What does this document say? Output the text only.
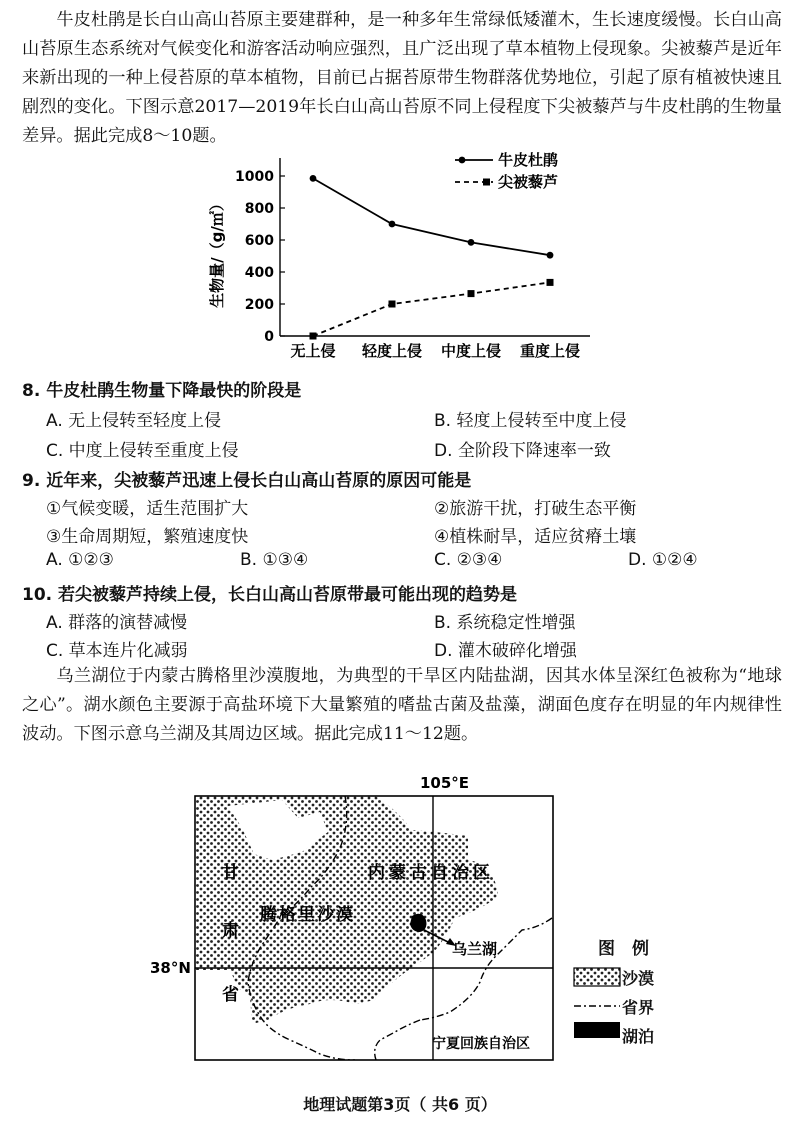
牛皮杜鹃是长白山高山苔原主要建群种，是一种多年生常绿低矮灌木，生长速度缓慢。长白山高山苔原生态系统对气候变化和游客活动响应强烈，且广泛出现了草本植物上侵现象。尖被藜芦是近年来新出现的一种上侵苔原的草本植物，目前已占据苔原带生物群落优势地位，引起了原有植被快速且剧烈的变化。下图示意2017—2019年长白山高山苔原不同上侵程度下尖被藜芦与牛皮杜鹃的生物量差异。据此完成8～10题。

0
200
400
600
800
1000
无上侵 轻度上侵 中度上侵 重度上侵
生物量/（g/㎡）
牛皮杜鹃
尖被藜芦
8. 牛皮杜鹃生物量下降最快的阶段是
A. 无上侵转至轻度上侵	B. 轻度上侵转至中度上侵
C. 中度上侵转至重度上侵	D. 全阶段下降速率一致
9. 近年来，尖被藜芦迅速上侵长白山高山苔原的原因可能是
①气候变暖，适生范围扩大	②旅游干扰，打破生态平衡
③生命周期短，繁殖速度快	④植株耐旱，适应贫瘠土壤
A. ①②③	B. ①③④	C. ②③④	D. ①②④
10. 若尖被藜芦持续上侵，长白山高山苔原带最可能出现的趋势是
A. 群落的演替减慢	B. 系统稳定性增强
C. 草本连片化减弱	D. 灌木破碎化增强

乌兰湖位于内蒙古腾格里沙漠腹地，为典型的干旱区内陆盐湖，因其水体呈深红色被称为“地球之心”。湖水颜色主要源于高盐环境下大量繁殖的嗜盐古菌及盐藻，湖面色度存在明显的年内规律性波动。下图示意乌兰湖及其周边区域。据此完成11～12题。

105°E
38°N
甘
肃
省
内蒙古自治区
腾格里沙漠
乌兰湖
宁夏回族自治区
图　例
沙漠
省界
湖泊
地理试题第3页（ 共6 页）
